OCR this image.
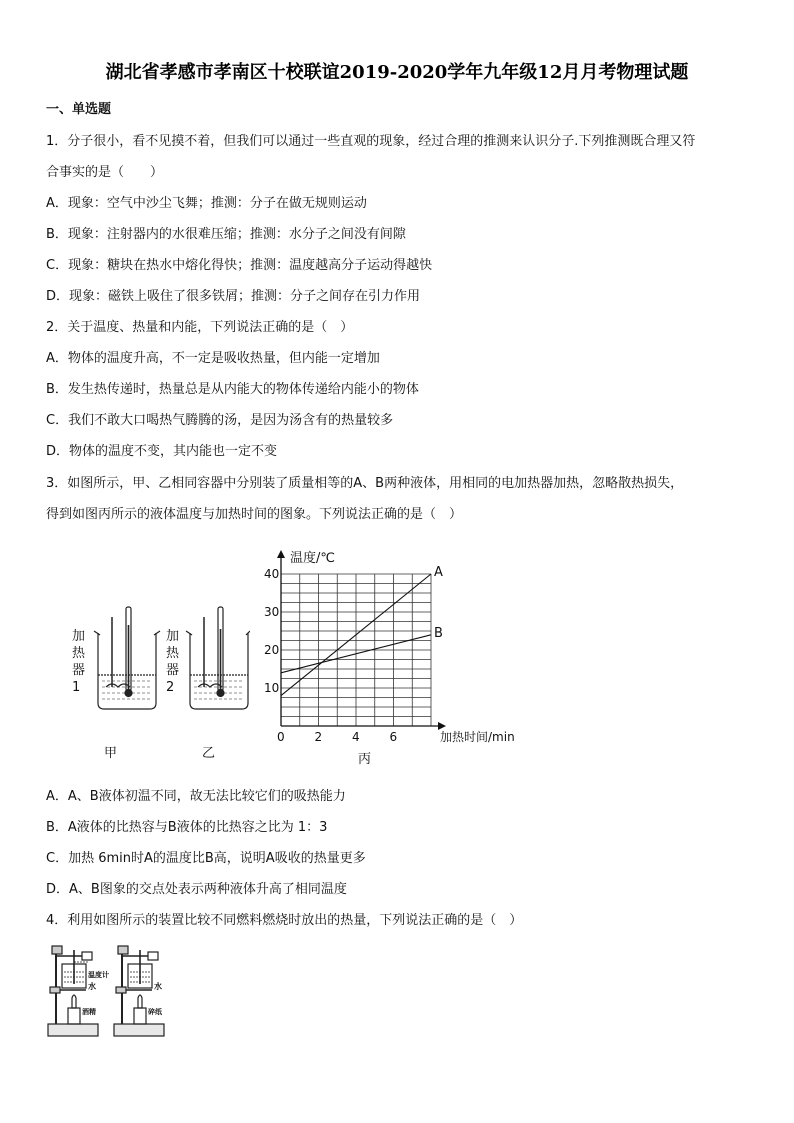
湖北省孝感市孝南区十校联谊2019-2020学年九年级12月月考物理试题
一、单选题
1．分子很小，看不见摸不着，但我们可以通过一些直观的现象，经过合理的推测来认识分子.下列推测既合理又符
合事实的是（　　）
A．现象：空气中沙尘飞舞；推测：分子在做无规则运动
B．现象：注射器内的水很难压缩；推测：水分子之间没有间隙
C．现象：糖块在热水中熔化得快；推测：温度越高分子运动得越快
D．现象：磁铁上吸住了很多铁屑；推测：分子之间存在引力作用
2．关于温度、热量和内能，下列说法正确的是（　）
A．物体的温度升高，不一定是吸收热量，但内能一定增加
B．发生热传递时，热量总是从内能大的物体传递给内能小的物体
C．我们不敢大口喝热气腾腾的汤，是因为汤含有的热量较多
D．物体的温度不变，其内能也一定不变
3．如图所示，甲、乙相同容器中分别装了质量相等的A、B两种液体，用相同的电加热器加热，忽略散热损失，
得到如图丙所示的液体温度与加热时间的图象。下列说法正确的是（　）
加热器1
加热器2
甲	乙
A
B
0 2 4 6
10
20
30
40
温度/℃
加热时间/min
丙
A．A、B液体初温不同，故无法比较它们的吸热能力
B．A液体的比热容与B液体的比热容之比为 1：3
C．加热 6min时A的温度比B高，说明A吸收的热量更多
D．A、B图象的交点处表示两种液体升高了相同温度
4．利用如图所示的装置比较不同燃料燃烧时放出的热量，下列说法正确的是（　）
温度计
水
酒精
水
碎纸
